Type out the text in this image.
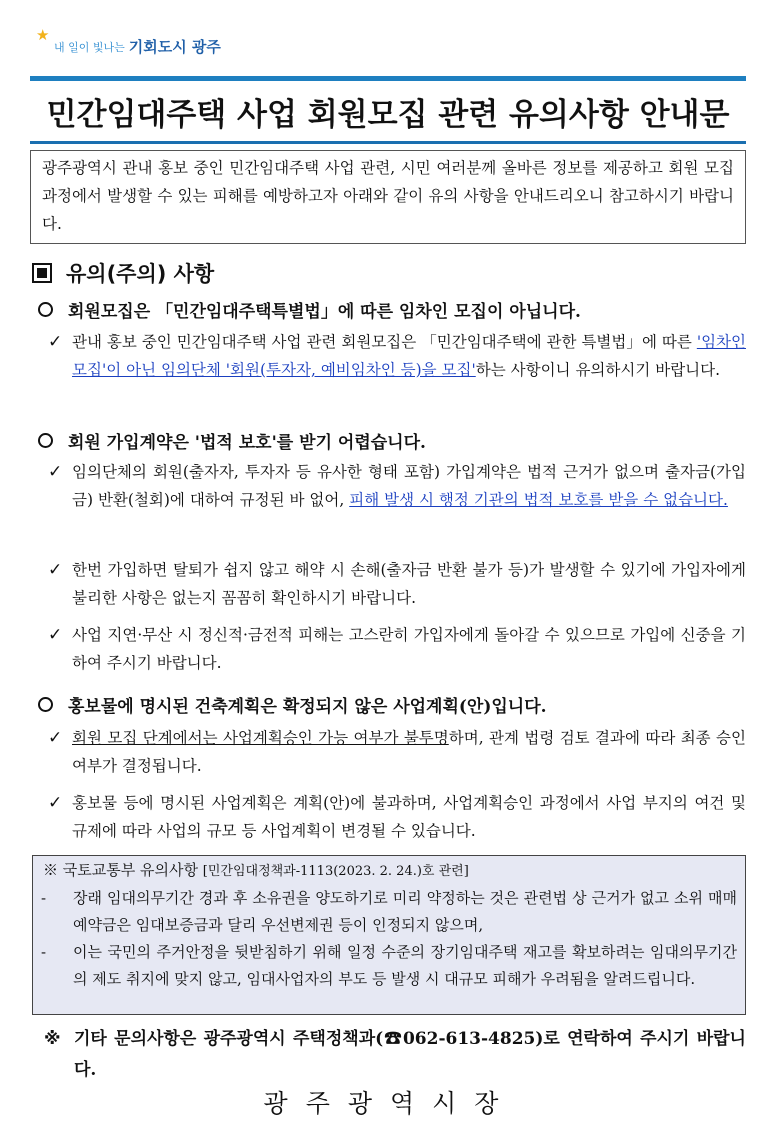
★
내 일이 빛나는 기회도시 광주
민간임대주택 사업 회원모집 관련 유의사항 안내문
광주광역시 관내 홍보 중인 민간임대주택 사업 관련, 시민 여러분께 올바른 정보를 제공하고 회원 모집 과정에서 발생할 수 있는 피해를 예방하고자 아래와 같이 유의 사항을 안내드리오니 참고하시기 바랍니다.
유의(주의) 사항
회원모집은 「민간임대주택특별법」에 따른 임차인 모집이 아닙니다.
✓ 관내 홍보 중인 민간임대주택 사업 관련 회원모집은 「민간임대주택에 관한 특별법」에 따른 '임차인 모집'이 아닌 임의단체 '회원(투자자, 예비임차인 등)을 모집'하는 사항이니 유의하시기 바랍니다.
회원 가입계약은 '법적 보호'를 받기 어렵습니다.
✓ 임의단체의 회원(출자자, 투자자 등 유사한 형태 포함) 가입계약은 법적 근거가 없으며 출자금(가입금) 반환(철회)에 대하여 규정된 바 없어, 피해 발생 시 행정 기관의 법적 보호를 받을 수 없습니다.
✓ 한번 가입하면 탈퇴가 쉽지 않고 해약 시 손해(출자금 반환 불가 등)가 발생할 수 있기에 가입자에게 불리한 사항은 없는지 꼼꼼히 확인하시기 바랍니다.
✓ 사업 지연·무산 시 정신적·금전적 피해는 고스란히 가입자에게 돌아갈 수 있으므로 가입에 신중을 기하여 주시기 바랍니다.
홍보물에 명시된 건축계획은 확정되지 않은 사업계획(안)입니다.
✓ 회원 모집 단계에서는 사업계획승인 가능 여부가 불투명하며, 관계 법령 검토 결과에 따라 최종 승인 여부가 결정됩니다.
✓ 홍보물 등에 명시된 사업계획은 계획(안)에 불과하며, 사업계획승인 과정에서 사업 부지의 여건 및 규제에 따라 사업의 규모 등 사업계획이 변경될 수 있습니다.
※ 국토교통부 유의사항 [민간임대정책과-1113(2023. 2. 24.)호 관련]
- 장래 임대의무기간 경과 후 소유권을 양도하기로 미리 약정하는 것은 관련법 상 근거가 없고 소위 매매예약금은 임대보증금과 달리 우선변제권 등이 인정되지 않으며,
- 이는 국민의 주거안정을 뒷받침하기 위해 일정 수준의 장기임대주택 재고를 확보하려는 임대의무기간의 제도 취지에 맞지 않고, 임대사업자의 부도 등 발생 시 대규모 피해가 우려됨을 알려드립니다.
※ 기타 문의사항은 광주광역시 주택정책과(☎062-613-4825)로 연락하여 주시기 바랍니다.
광주광역시장
